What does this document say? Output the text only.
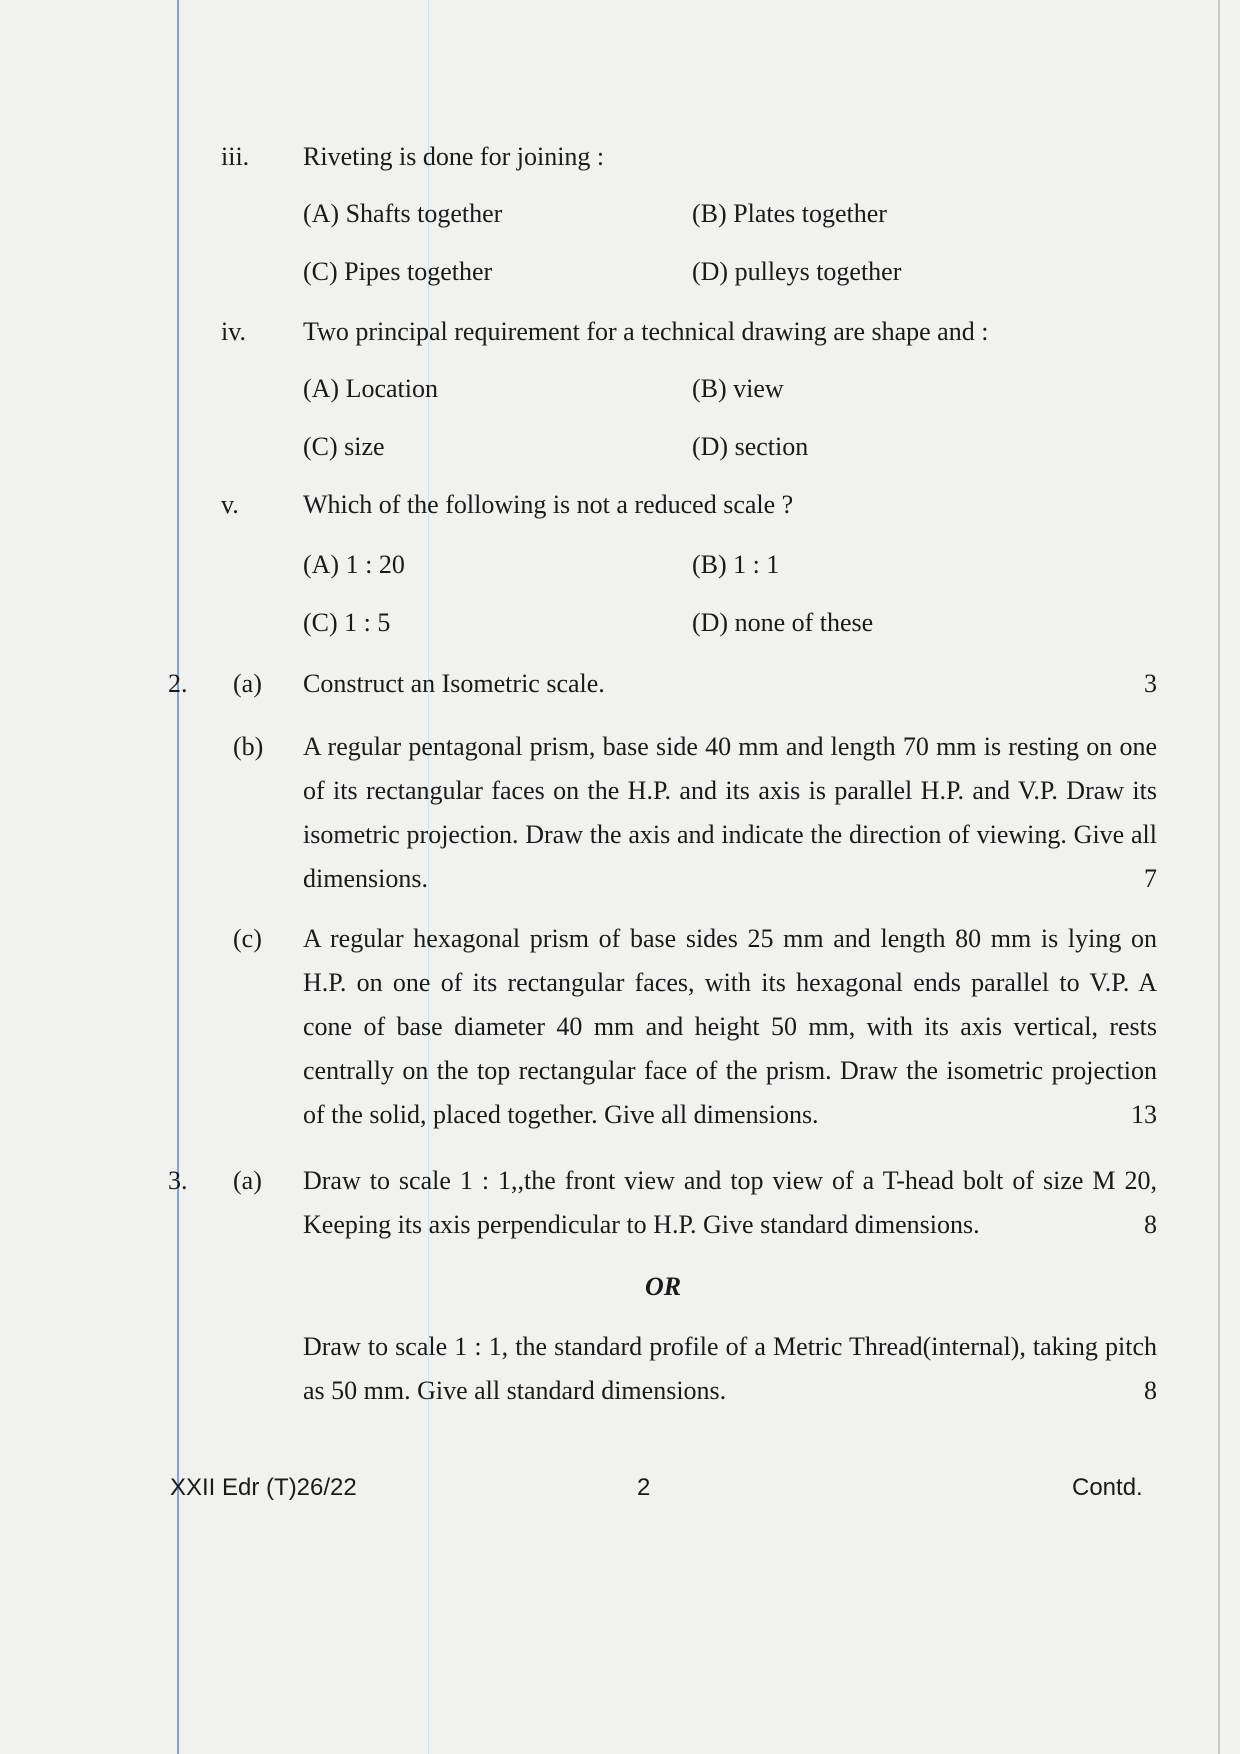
iii. Riveting is done for joining :
(A) Shafts together	(B) Plates together
(C) Pipes together	(D) pulleys together
iv. Two principal requirement for a technical drawing are shape and :
(A) Location	(B) view
(C) size	(D) section
v. Which of the following is not a reduced scale ?
(A) 1 : 20	(B) 1 : 1
(C) 1 : 5	(D) none of these
2. (a) Construct an Isometric scale.	3
(b) A regular pentagonal prism, base side 40 mm and length 70 mm is resting on one of its rectangular faces on the H.P. and its axis is parallel H.P. and V.P. Draw its isometric projection. Draw the axis and indicate the direction of viewing. Give all dimensions.	7
(c) A regular hexagonal prism of base sides 25 mm and length 80 mm is lying on H.P. on one of its rectangular faces, with its hexagonal ends parallel to V.P. A cone of base diameter 40 mm and height 50 mm, with its axis vertical, rests centrally on the top rectangular face of the prism. Draw the isometric projection of the solid, placed together. Give all dimensions.	13
3. (a) Draw to scale 1 : 1,,the front view and top view of a T-head bolt of size M 20, Keeping its axis perpendicular to H.P. Give standard dimensions.	8
OR
Draw to scale 1 : 1, the standard profile of a Metric Thread(internal), taking pitch as 50 mm. Give all standard dimensions.	8
XXII Edr (T)26/22	2	Contd.
